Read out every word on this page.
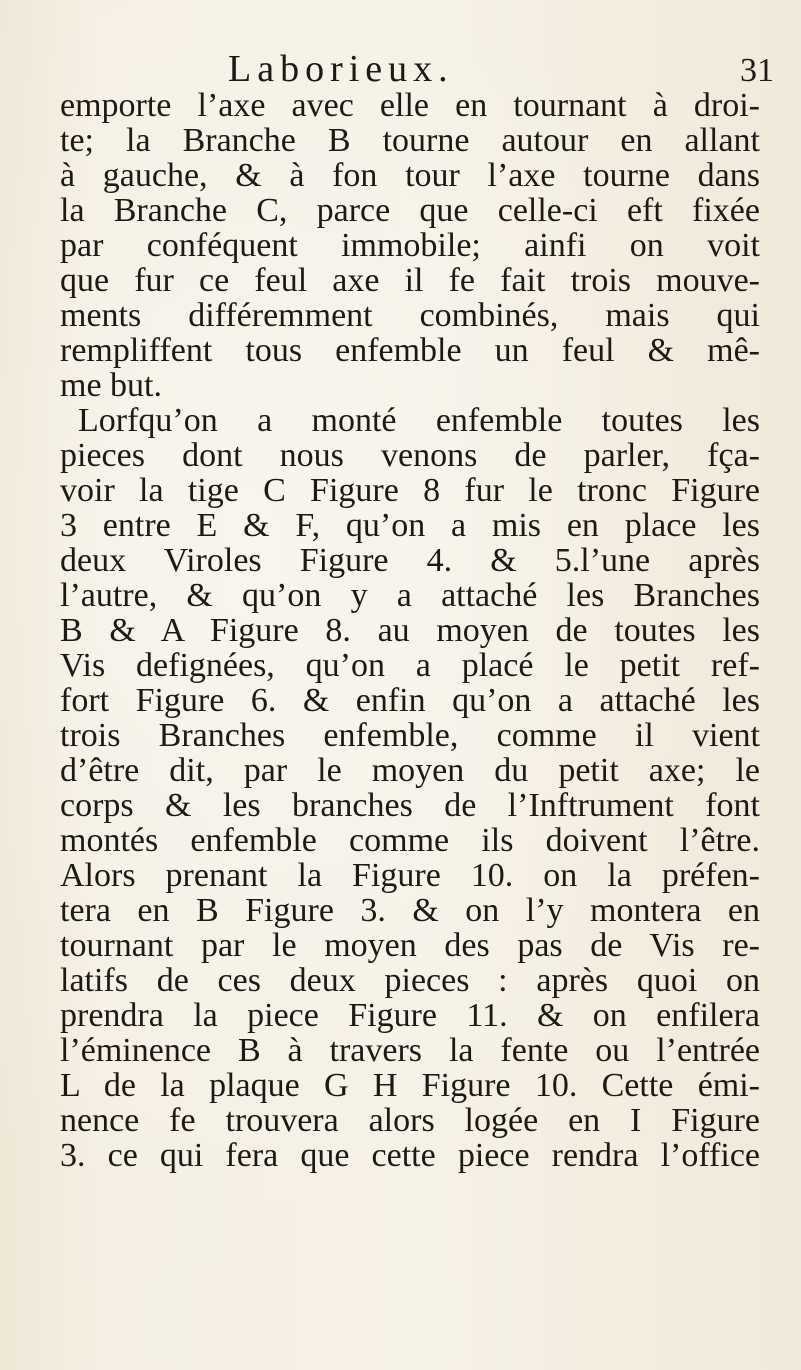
Laborieux.	31
emporte l’axe avec elle en tournant à droi-
te; la Branche B tourne autour en allant
à gauche, & à fon tour l’axe tourne dans
la Branche C, parce que celle-ci eft fixée
par conféquent immobile; ainfi on voit
que fur ce feul axe il fe fait trois mouve-
ments différemment combinés, mais qui
rempliffent tous enfemble un feul & mê-
me but.
Lorfqu’on a monté enfemble toutes les
pieces dont nous venons de parler, fça-
voir la tige C Figure 8 fur le tronc Figure
3 entre E & F, qu’on a mis en place les
deux Viroles Figure 4. & 5.l’une après
l’autre, & qu’on y a attaché les Branches
B & A Figure 8. au moyen de toutes les
Vis defignées, qu’on a placé le petit ref-
fort Figure 6. & enfin qu’on a attaché les
trois Branches enfemble, comme il vient
d’être dit, par le moyen du petit axe; le
corps & les branches de l’Inftrument font
montés enfemble comme ils doivent l’être.
Alors prenant la Figure 10. on la préfen-
tera en B Figure 3. & on l’y montera en
tournant par le moyen des pas de Vis re-
latifs de ces deux pieces : après quoi on
prendra la piece Figure 11. & on enfilera
l’éminence B à travers la fente ou l’entrée
L de la plaque G H Figure 10. Cette émi-
nence fe trouvera alors logée en I Figure
3. ce qui fera que cette piece rendra l’office
